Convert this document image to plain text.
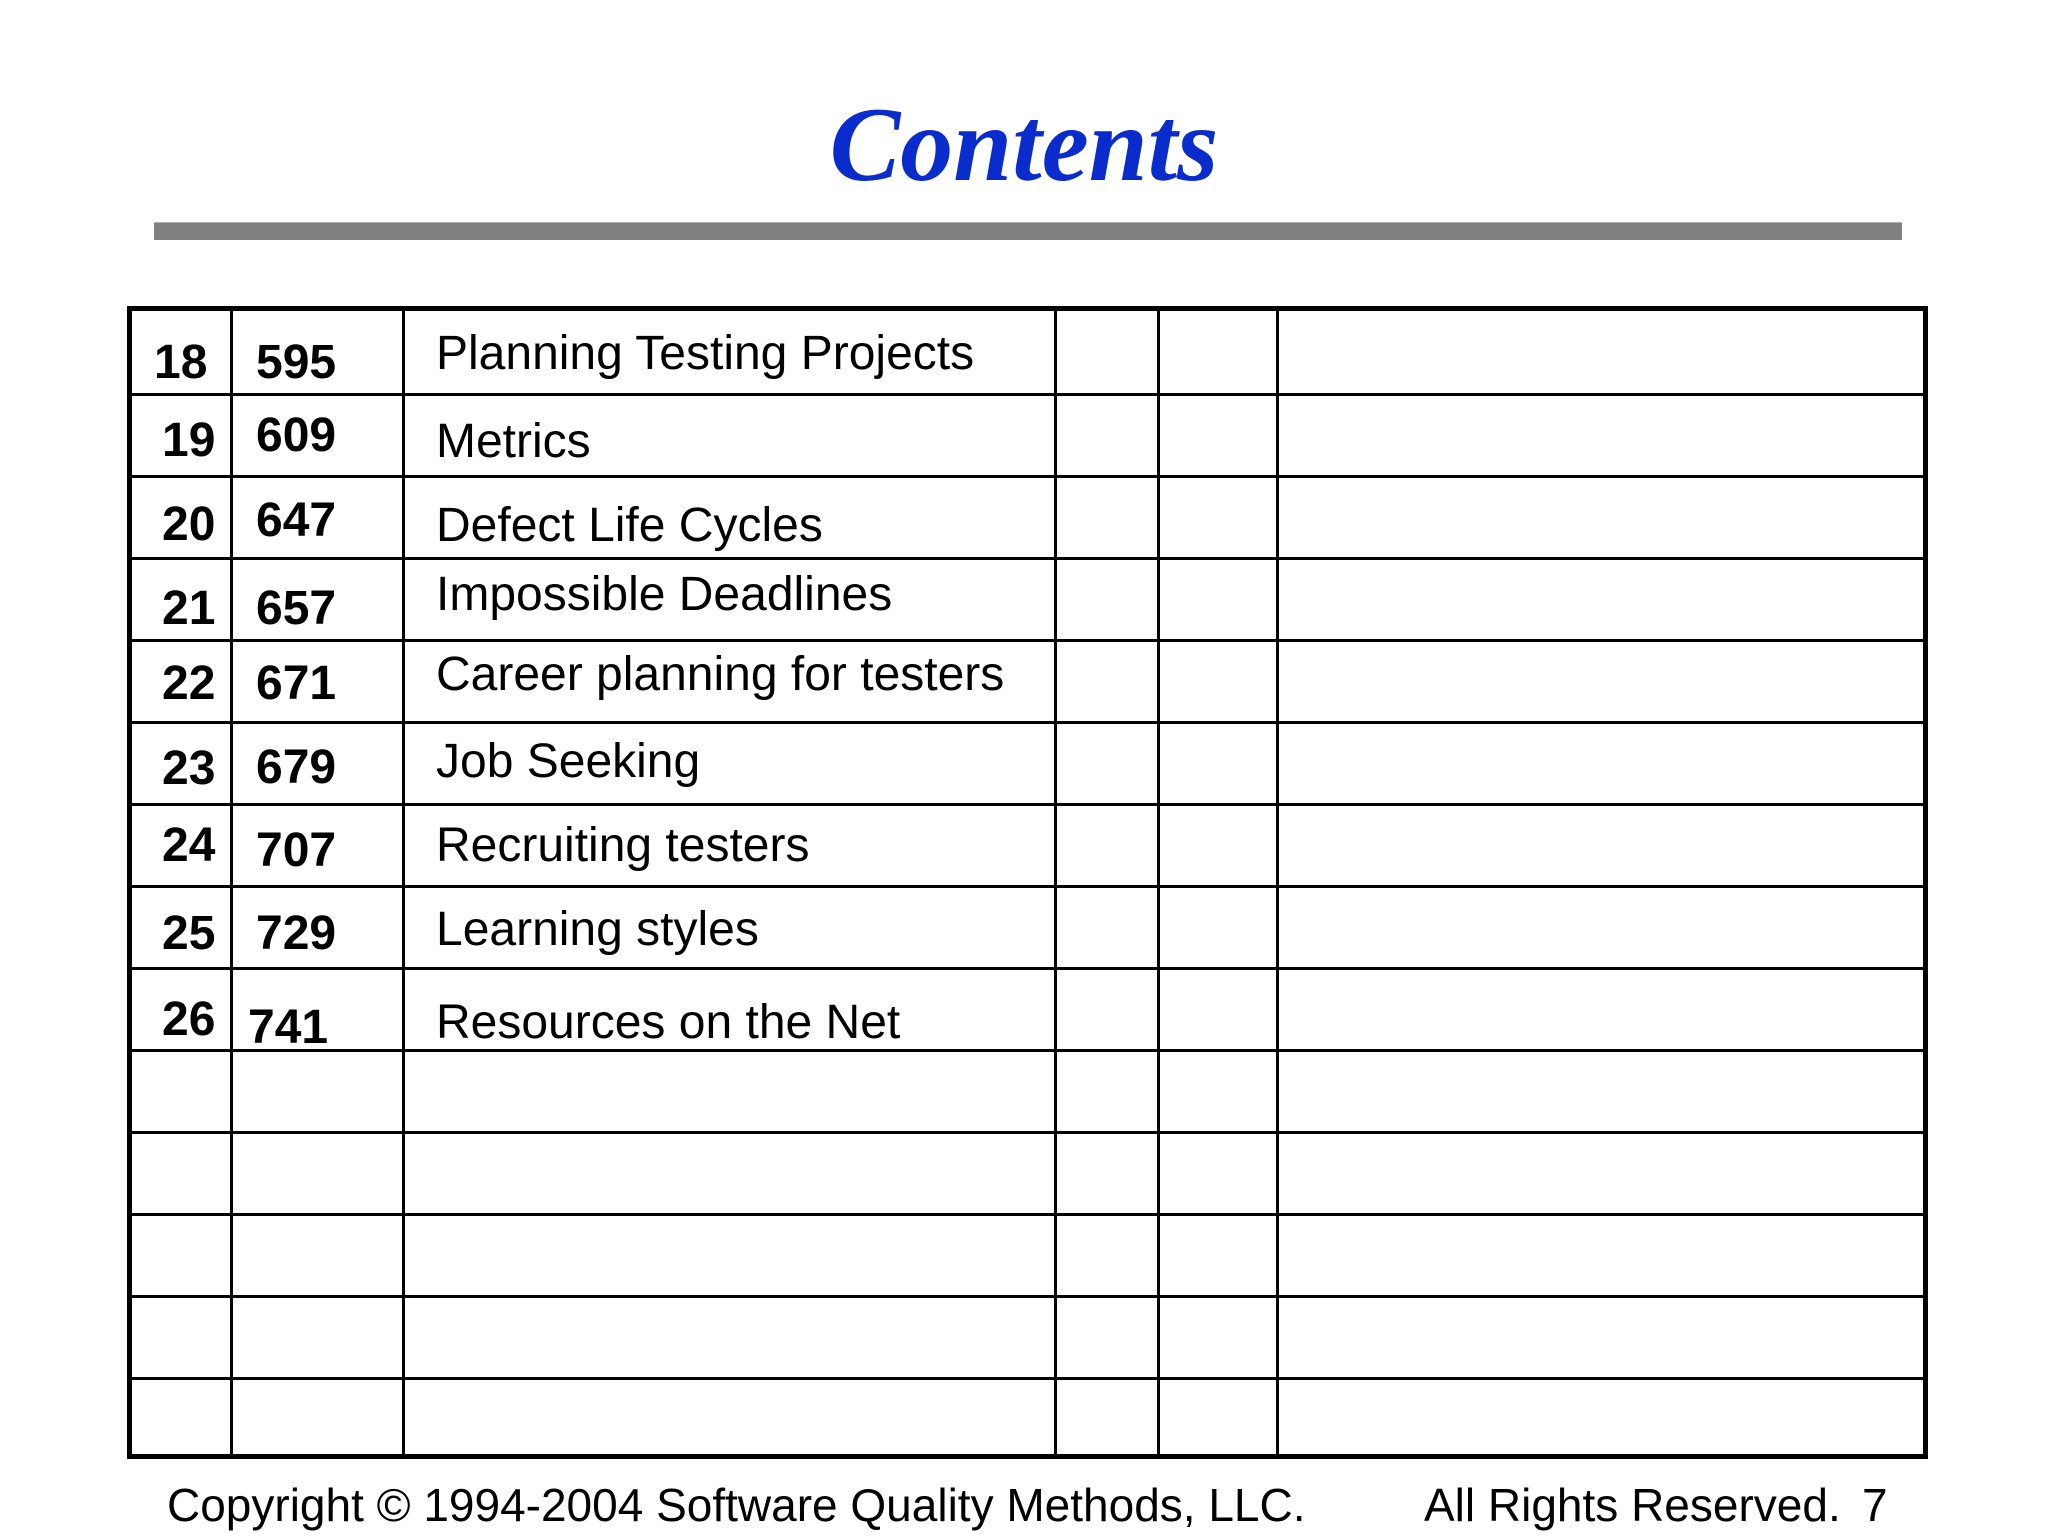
Contents
18 595 Planning Testing Projects
19 609 Metrics
20 647 Defect Life Cycles
21 657 Impossible Deadlines
22 671 Career planning for testers
23 679 Job Seeking
24 707 Recruiting testers
25 729 Learning styles
26 741 Resources on the Net
Copyright © 1994-2004 Software Quality Methods, LLC.	All Rights Reserved. 7
